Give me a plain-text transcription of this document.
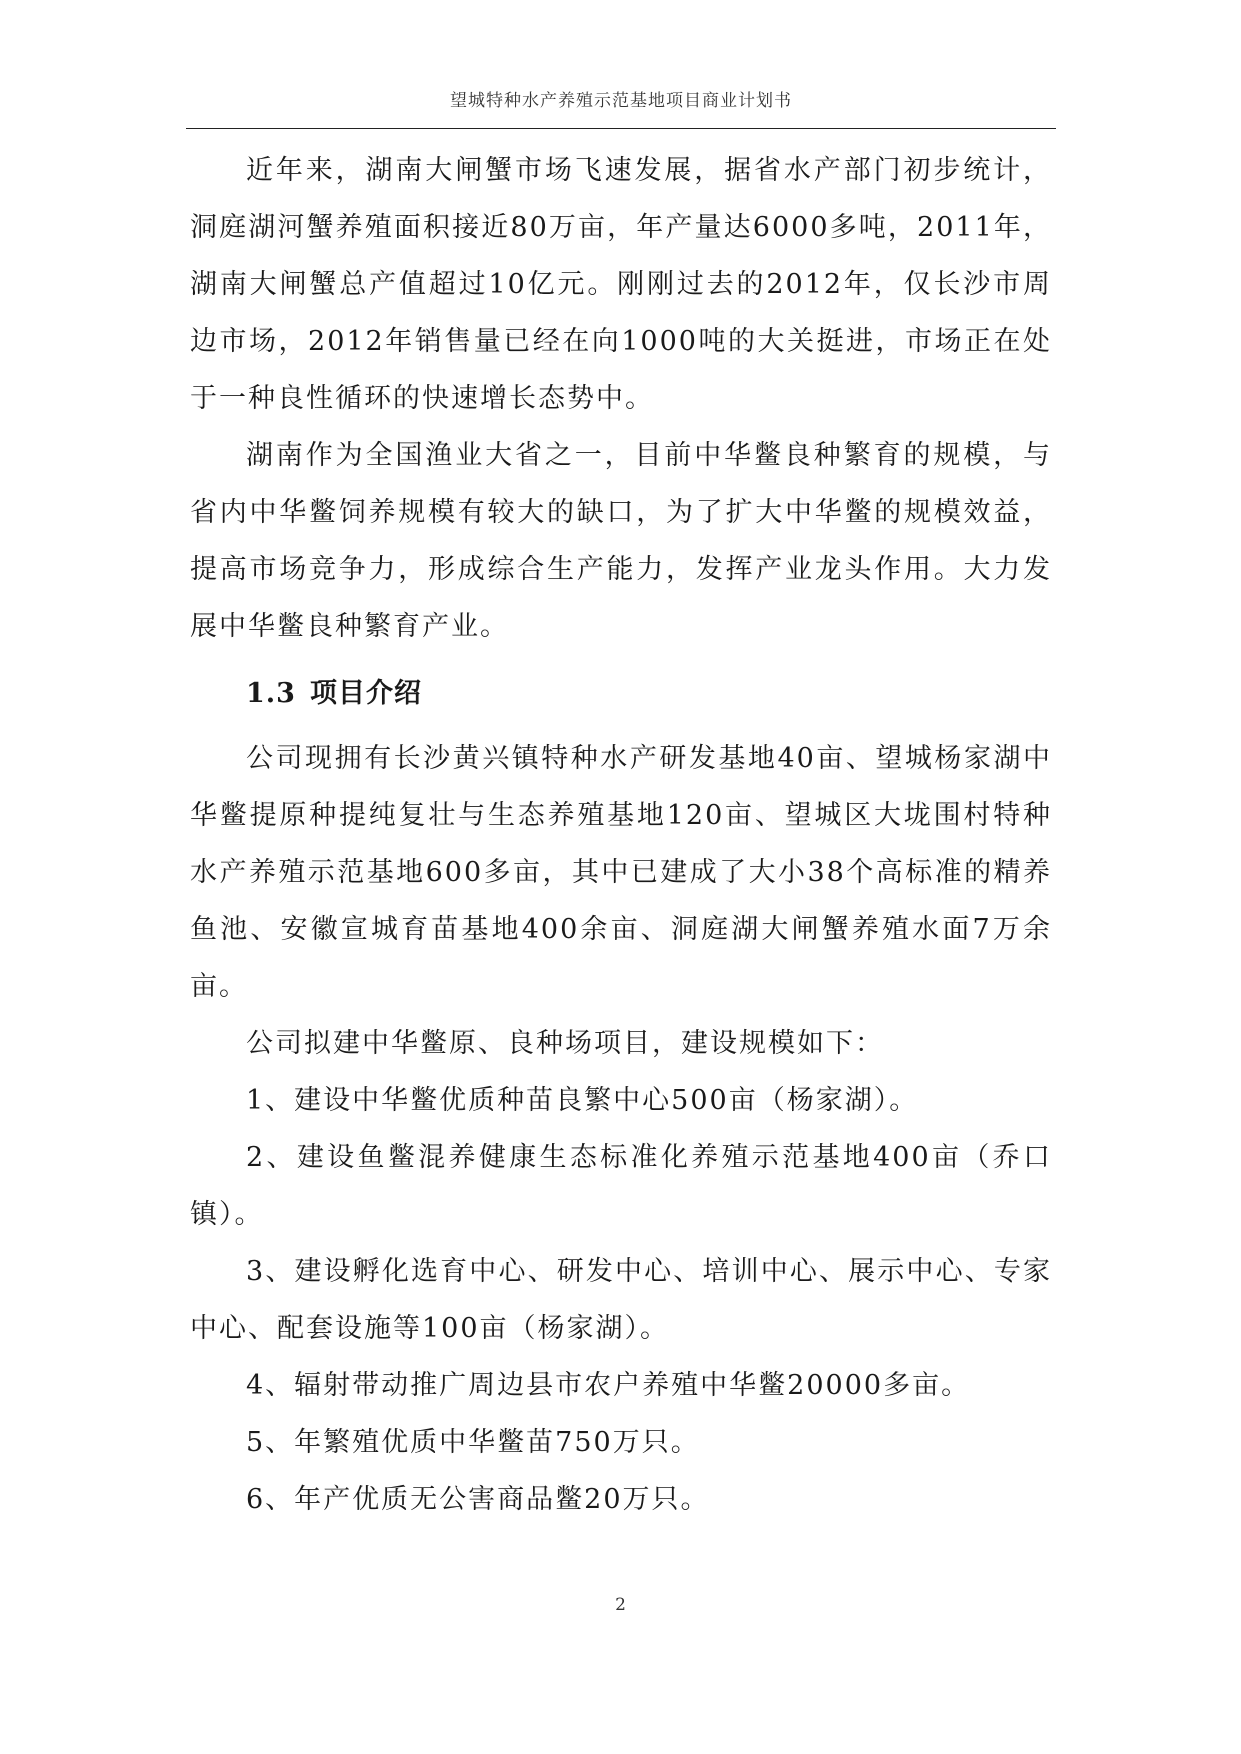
望城特种水产养殖示范基地项目商业计划书

近年来，湖南大闸蟹市场飞速发展，据省水产部门初步统计，洞庭湖河蟹养殖面积接近80万亩，年产量达6000多吨，2011年，湖南大闸蟹总产值超过10亿元。刚刚过去的2012年，仅长沙市周边市场，2012年销售量已经在向1000吨的大关挺进，市场正在处于一种良性循环的快速增长态势中。

湖南作为全国渔业大省之一，目前中华鳖良种繁育的规模，与省内中华鳖饲养规模有较大的缺口，为了扩大中华鳖的规模效益，提高市场竞争力，形成综合生产能力，发挥产业龙头作用。大力发展中华鳖良种繁育产业。

1.3 项目介绍

公司现拥有长沙黄兴镇特种水产研发基地40亩、望城杨家湖中华鳖提原种提纯复壮与生态养殖基地120亩、望城区大垅围村特种水产养殖示范基地600多亩，其中已建成了大小38个高标准的精养鱼池、安徽宣城育苗基地400余亩、洞庭湖大闸蟹养殖水面7万余亩。

公司拟建中华鳖原、良种场项目，建设规模如下：

1、建设中华鳖优质种苗良繁中心500亩（杨家湖）。

2、建设鱼鳖混养健康生态标准化养殖示范基地400亩（乔口镇）。

3、建设孵化选育中心、研发中心、培训中心、展示中心、专家中心、配套设施等100亩（杨家湖）。

4、辐射带动推广周边县市农户养殖中华鳖20000多亩。

5、年繁殖优质中华鳖苗750万只。

6、年产优质无公害商品鳖20万只。

2
